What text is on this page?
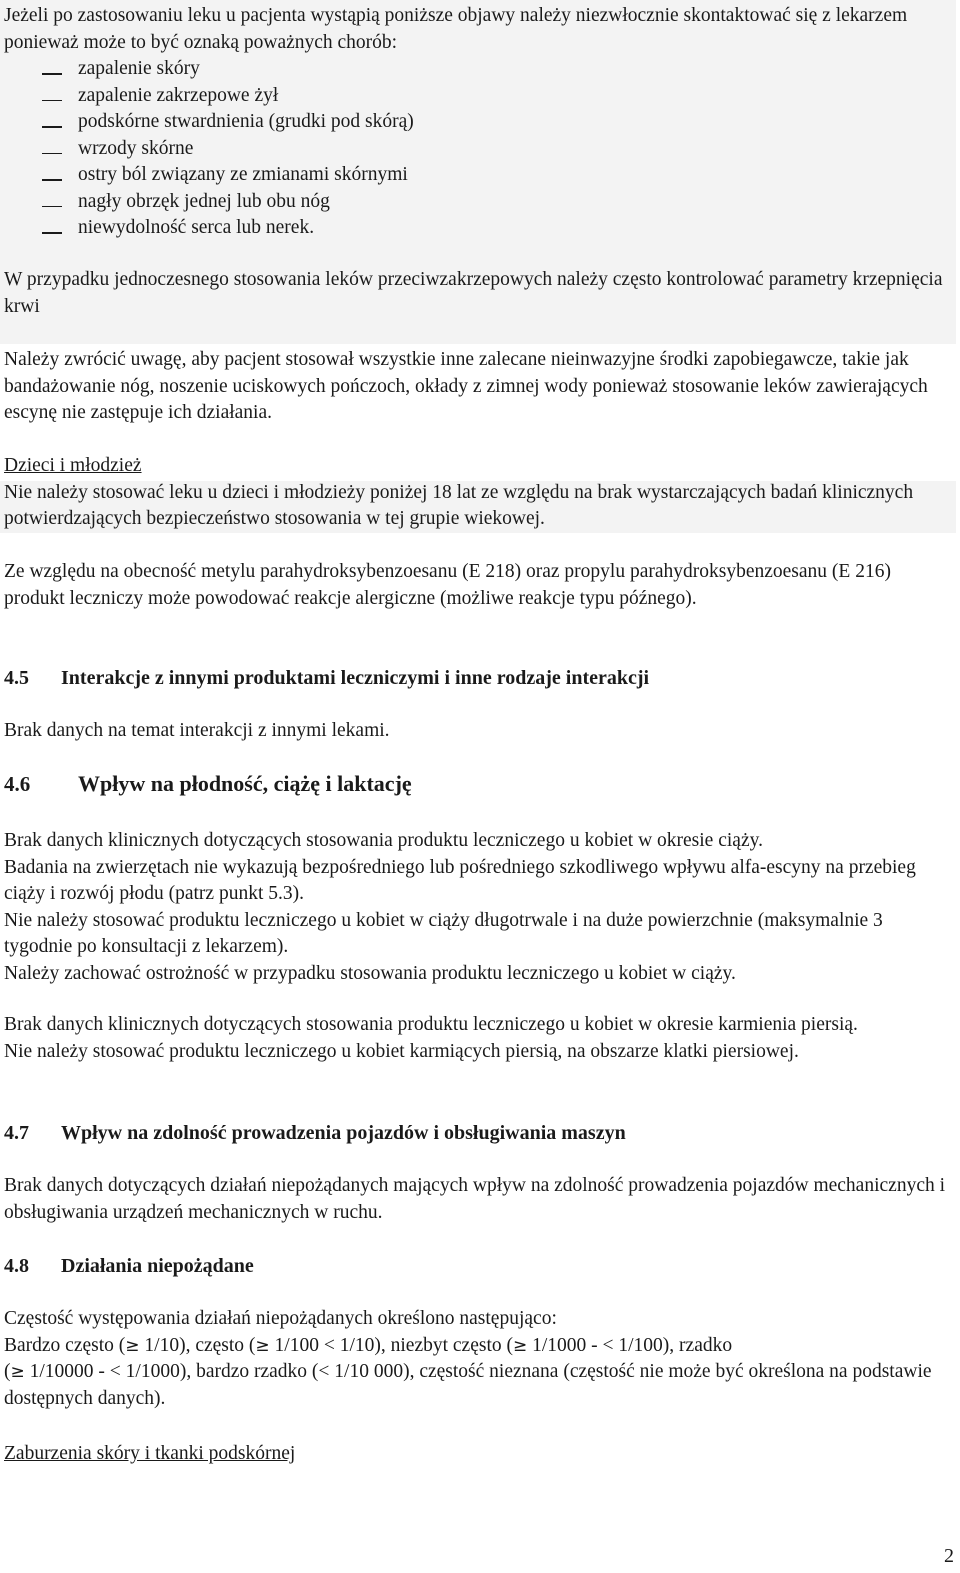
Jeżeli po zastosowaniu leku u pacjenta wystąpią poniższe objawy należy niezwłocznie skontaktować się z lekarzem ponieważ może to być oznaką poważnych chorób:

zapalenie skóry
zapalenie zakrzepowe żył
podskórne stwardnienia (grudki pod skórą)
wrzody skórne
ostry ból związany ze zmianami skórnymi
nagły obrzęk jednej lub obu nóg
niewydolność serca lub nerek.

W przypadku jednoczesnego stosowania leków przeciwzakrzepowych należy często kontrolować parametry krzepnięcia krwi

Należy zwrócić uwagę, aby pacjent stosował wszystkie inne zalecane nieinwazyjne środki zapobiegawcze, takie jak bandażowanie nóg, noszenie uciskowych pończoch, okłady z zimnej wody ponieważ stosowanie leków zawierających escynę nie zastępuje ich działania.

Dzieci i młodzież
Nie należy stosować leku u dzieci i młodzieży poniżej 18 lat ze względu na brak wystarczających badań klinicznych potwierdzających bezpieczeństwo stosowania w tej grupie wiekowej.

Ze względu na obecność metylu parahydroksybenzoesanu (E 218) oraz propylu parahydroksybenzoesanu (E 216) produkt leczniczy może powodować reakcje alergiczne (możliwe reakcje typu późnego).

4.5 Interakcje z innymi produktami leczniczymi i inne rodzaje interakcji

Brak danych na temat interakcji z innymi lekami.

4.6 Wpływ na płodność, ciążę i laktację
Brak danych klinicznych dotyczących stosowania produktu leczniczego u kobiet w okresie ciąży.
Badania na zwierzętach nie wykazują bezpośredniego lub pośredniego szkodliwego wpływu alfa-escyny na przebieg ciąży i rozwój płodu (patrz punkt 5.3).
Nie należy stosować produktu leczniczego u kobiet w ciąży długotrwale i na duże powierzchnie (maksymalnie 3 tygodnie po konsultacji z lekarzem).
Należy zachować ostrożność w przypadku stosowania produktu leczniczego u kobiet w ciąży.
Brak danych klinicznych dotyczących stosowania produktu leczniczego u kobiet w okresie karmienia piersią.
Nie należy stosować produktu leczniczego u kobiet karmiących piersią, na obszarze klatki piersiowej.
4.7 Wpływ na zdolność prowadzenia pojazdów i obsługiwania maszyn

Brak danych dotyczących działań niepożądanych mających wpływ na zdolność prowadzenia pojazdów mechanicznych i obsługiwania urządzeń mechanicznych w ruchu.

4.8 Działania niepożądane
Częstość występowania działań niepożądanych określono następująco:
Bardzo często (≥ 1/10), często (≥ 1/100 < 1/10), niezbyt często (≥ 1/1000 - < 1/100), rzadko
(≥ 1/10000 - < 1/1000), bardzo rzadko (< 1/10 000), częstość nieznana (częstość nie może być określona na podstawie dostępnych danych).
Zaburzenia skóry i tkanki podskórnej
2
